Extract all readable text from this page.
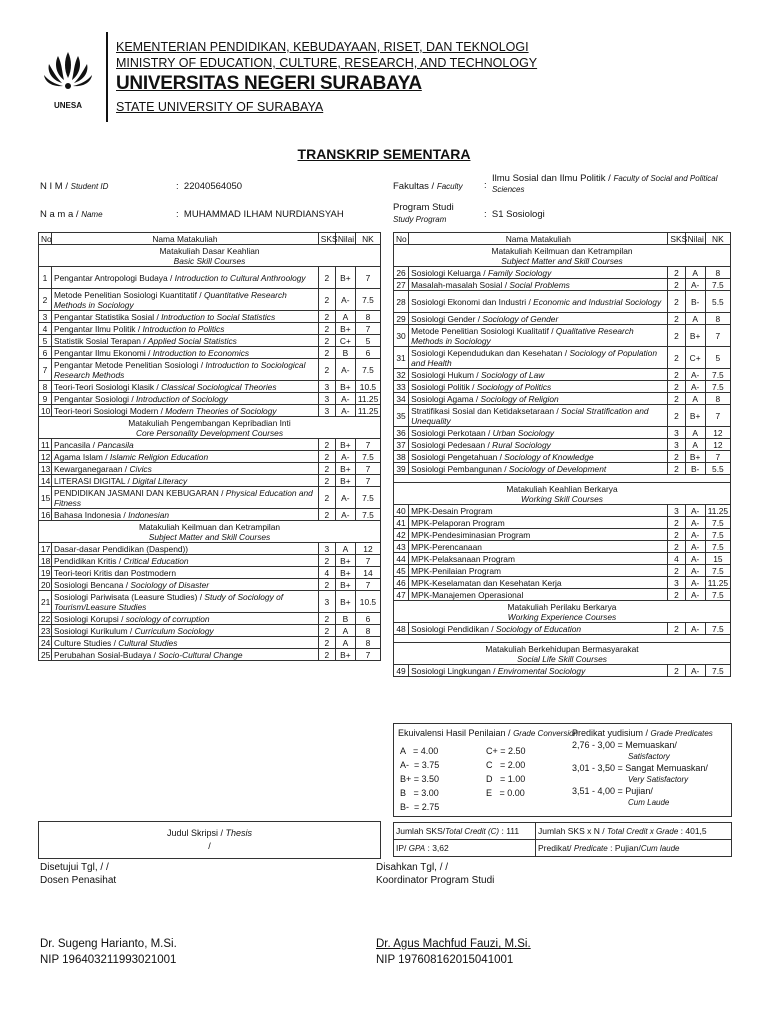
UNESA
KEMENTERIAN PENDIDIKAN, KEBUDAYAAN, RISET, DAN TEKNOLOGI
MINISTRY OF EDUCATION, CULTURE, RESEARCH, AND TECHNOLOGY
UNIVERSITAS NEGERI SURABAYA
STATE UNIVERSITY OF SURABAYA
TRANSKRIP SEMENTARA
N I M / Student ID	:  22040564050
N a m a / Name	:  MUHAMMAD ILHAM NURDIANSYAH
Fakultas / Faculty :
Ilmu Sosial dan Ilmu Politik / Faculty of Social and Political Sciences
Program Studi
Study Program	:  S1 Sosiologi
No	Nama Matakuliah	SKS	Nilai	NK

Matakuliah Dasar Keahlian
Basic Skill Courses				

1	Pengantar Antropologi Budaya / Introduction to Cultural Anthroology	2	B+	7
2	Metode Penelitian Sosiologi Kuantitatif / Quantitative Research Methods in Sociology	2	A-	7.5
3	Pengantar Statistika Sosial / Introduction to Social Statistics	2	A	8
4	Pengantar Ilmu Politik / Introduction to Politics	2	B+	7
5	Statistik Sosial Terapan / Applied Social Statistics	2	C+	5
6	Pengantar Ilmu Ekonomi / Introduction to Economics	2	B	6
7	Pengantar Metode Penelitian Sosiologi / Introduction to Sociological Research Methods	2	A-	7.5
8	Teori-Teori Sosiologi Klasik / Classical Sociological Theories	3	B+	10.5
9	Pengantar Sosiologi / Introduction of Sociology	3	A-	11.25
10	Teori-teori Sosiologi Modern / Modern Theories of Sociology	3	A-	11.25

Matakuliah Pengembangan Kepribadian Inti
Core Personality Development Courses				

11	Pancasila / Pancasila	2	B+	7
12	Agama Islam / Islamic Religion Education	2	A-	7.5
13	Kewarganegaraan / Civics	2	B+	7
14	LITERASI DIGITAL / Digital Literacy	2	B+	7
15	PENDIDIKAN JASMANI DAN KEBUGARAN / Physical Education and Fitness	2	A-	7.5
16	Bahasa Indonesia / Indonesian	2	A-	7.5

Matakuliah Keilmuan dan Ketrampilan
Subject Matter and Skill Courses				

17	Dasar-dasar Pendidikan (Daspend))	3	A	12
18	Pendidikan Kritis / Critical Education	2	B+	7
19	Teori-teori Kritis dan Postmodern	4	B+	14
20	Sosiologi Bencana / Sociology of Disaster	2	B+	7
21	Sosiologi Pariwisata (Leasure Studies) / Study of Sociology of Tourism/Leasure Studies	3	B+	10.5
22	Sosiologi Korupsi / sociology of corruption	2	B	6
23	Sosiologi Kurikulum / Curriculum Sociology	2	A	8
24	Culture Studies / Cultural Studies	2	A	8
25	Perubahan Sosial-Budaya / Socio-Cultural Change	2	B+	7
No	Nama Matakuliah	SKS	Nilai	NK

Matakuliah Keilmuan dan Ketrampilan
Subject Matter and Skill Courses				

26	Sosiologi Keluarga / Family Sociology	2	A	8
27	Masalah-masalah Sosial / Social Problems	2	A-	7.5
28	Sosiologi Ekonomi dan Industri / Economic and Industrial Sociology	2	B-	5.5
29	Sosiologi Gender / Sociology of Gender	2	A	8
30	Metode Penelitian Sosiologi Kualitatif / Qualitative Research Methods in Sociology	2	B+	7
31	Sosiologi Kependudukan dan Kesehatan / Sociology of Population and Health	2	C+	5
32	Sosiologi Hukum / Sociology of Law	2	A-	7.5
33	Sosiologi Politik / Sociology of Politics	2	A-	7.5
34	Sosiologi Agama / Sociology of Religion	2	A	8
35	Stratifikasi Sosial dan Ketidaksetaraan / Social Stratification and Unequality	2	B+	7
36	Sosiologi Perkotaan / Urban Sociology	3	A	12
37	Sosiologi Pedesaan / Rural Sociology	3	A	12
38	Sosiologi Pengetahuan / Sociology of Knowledge	2	B+	7
39	Sosiologi Pembangunan / Sociology of Development	2	B-	5.5

Matakuliah Keahlian Berkarya
Working Skill Courses				

40	MPK-Desain Program	3	A-	11.25
41	MPK-Pelaporan Program	2	A-	7.5
42	MPK-Pendesiminasian Program	2	A-	7.5
43	MPK-Perencanaan	2	A-	7.5
44	MPK-Pelaksanaan Program	4	A-	15
45	MPK-Penilaian Program	2	A-	7.5
46	MPK-Keselamatan dan Kesehatan Kerja	3	A-	11.25
47	MPK-Manajemen Operasional	2	A-	7.5

Matakuliah Perilaku Berkarya
Working Experience Courses				

48	Sosiologi Pendidikan / Sociology of Education	2	A-	7.5

Matakuliah Berkehidupan Bermasyarakat
Social Life Skill Courses				

49	Sosiologi Lingkungan / Enviromental Sociology	2	A-	7.5
Ekuivalensi Hasil Penilaian / Grade Conversion
A   = 4.00
A-  = 3.75
B+ = 3.50
B   = 3.00
B-  = 2.75
C+ = 2.50
C   = 2.00
D   = 1.00
E   = 0.00
Predikat yudisium / Grade Predicates
2,76 - 3,00 = Memuaskan/
Satisfactory
3,01 - 3,50 = Sangat Memuaskan/
Very Satisfactory
3,51 - 4,00 = Pujian/
Cum Laude
Judul Skripsi / Thesis
/
Jumlah SKS/Total Credit (C) : 111	Jumlah SKS x N / Total Credit x Grade : 401,5
IP/ GPA : 3,62	Predikat/ Predicate : Pujian/Cum laude
Disetujui Tgl, / /
Dosen Penasihat
Disahkan Tgl, / /
Koordinator Program Studi
Dr. Sugeng Harianto, M.Si.
NIP 196403211993021001
Dr. Agus Machfud Fauzi, M.Si.
NIP 197608162015041001
